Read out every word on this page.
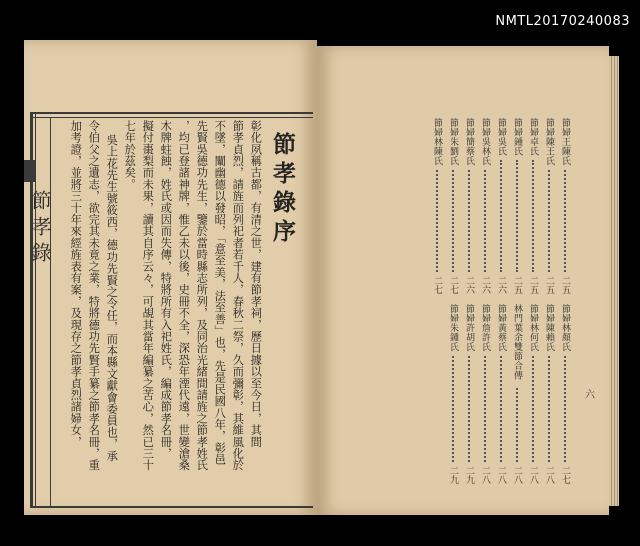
NMTL20170240083
節孝錄
節孝錄序
彰化夙稱古都，有清之世，建有節孝祠，歷日據以至今日，其間
節孝貞烈，請旌而列祀者若千人，春秋二祭，久而彌彰，其維風化於
不墜，闡幽德以發昭，「意至美，法至善」也，先是民國八年，彰邑
先賢吳德功先生，鑒於當時縣志所列，及同治光緒間請旌之節孝姓氏
，均已登諸神牌，惟乙未以後，史冊不全，深恐年湮代遠，世變滄桑
木牌蛀蝕，姓氏或因而失傳，特將所有入祀姓氏，編成節孝名冊，
擬付棗梨而未果，讀其自序云々，可覘其當年編纂之苦心，然已三十
七年於茲矣。
吳上花先生號筱西，德功先賢之令任，而本縣文獻會委員也，承
令伯父之遺志，欲完其未竟之業，特將德功先賢手纂之節孝名冊，重
加考證，並將三十年來經旌表有案，及現存之節孝貞烈諸婦女，	節婦王陳氏
二五
節婦陳王氏
二五
節婦卓氏
二五
節婦鍾氏
二五
節婦吳氏
二六
節婦吳林氏
二六
節婦簡蔡氏
二六
節婦朱劉氏
二七
節婦林陳氏
二七
六
節婦林顏氏
二七
節婦陳賴氏
二八
節婦林何氏
二八
林門葉余雙節合傳
二八
節婦黃蔡氏
二八
節婦詹許氏
二八
節婦許胡氏
二九
節婦朱鍾氏
二九
